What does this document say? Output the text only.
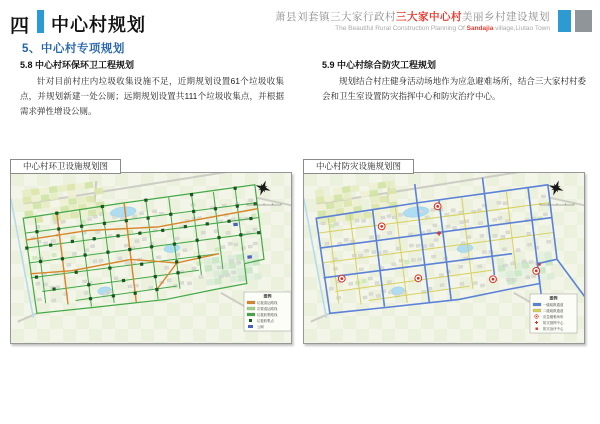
四 中心村规划	萧县刘套镇三大家行政村三大家中心村美丽乡村建设规划
The Beautiful Rural Construction Planning Of Sandajia village,Liutao Town
5、中心村专项规划

5.8 中心村环保环卫工程规划

针对目前村庄内垃圾收集设施不足，近期规划设置61个垃圾收集点，并规划新建一处公厕；远期规划设置共111个垃圾收集点，并根据需求弹性增设公厕。

5.9 中心村综合防灾工程规划

规划结合村庄健身活动场地作为应急避难场所，结合三大家村村委会和卫生室设置防灾指挥中心和防灾治疗中心。

中心村环卫设施规划图
图例
垃圾清运路线
次要清运路线
垃圾收集路线
垃圾收集点
公厕
中心村防灾设施规划图
图例
一级疏散通道
二级疏散通道
应急避难场所
防灾指挥中心
防灾治疗中心
